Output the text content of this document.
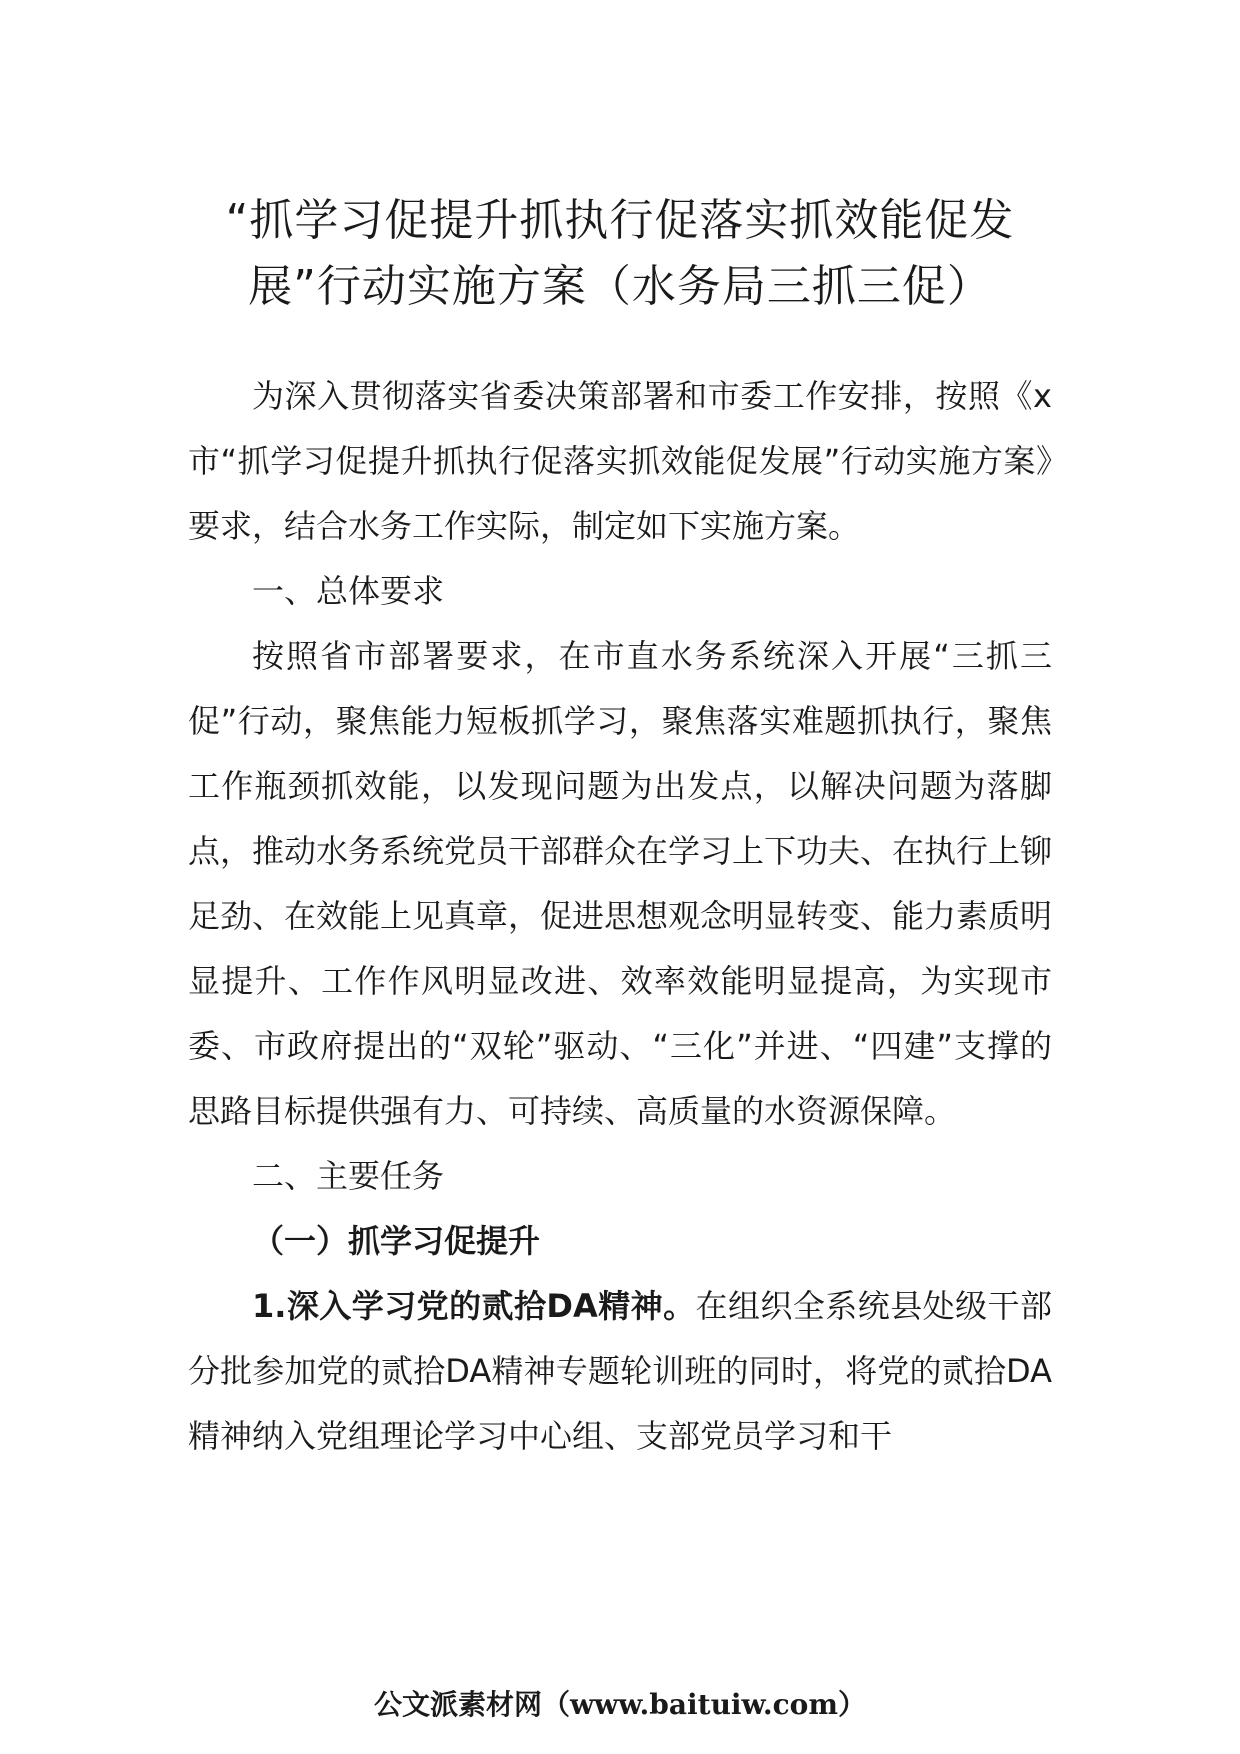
“抓学习促提升抓执行促落实抓效能促发
展”行动实施方案（水务局三抓三促）

为深入贯彻落实省委决策部署和市委工作安排，按照《x市“抓学习促提升抓执行促落实抓效能促发展”行动实施方案》要求，结合水务工作实际，制定如下实施方案。

一、总体要求

按照省市部署要求，在市直水务系统深入开展“三抓三促”行动，聚焦能力短板抓学习，聚焦落实难题抓执行，聚焦工作瓶颈抓效能，以发现问题为出发点，以解决问题为落脚点，推动水务系统党员干部群众在学习上下功夫、在执行上铆足劲、在效能上见真章，促进思想观念明显转变、能力素质明显提升、工作作风明显改进、效率效能明显提高，为实现市委、市政府提出的“双轮”驱动、“三化”并进、“四建”支撑的思路目标提供强有力、可持续、高质量的水资源保障。

二、主要任务

（一）抓学习促提升

1.深入学习党的贰拾DA精神。在组织全系统县处级干部分批参加党的贰拾DA精神专题轮训班的同时，将党的贰拾DA精神纳入党组理论学习中心组、支部党员学习和干

公文派素材网（www.baituiw.com）
